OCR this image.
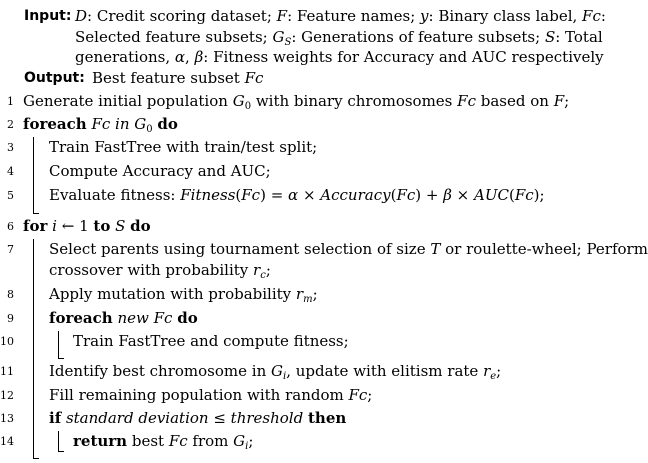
Input: D: Credit scoring dataset; F: Feature names; y: Binary class label, Fc:
Selected feature subsets; $G_S$: Generations of feature subsets; S: Total
generations, α, β: Fitness weights for Accuracy and AUC respectively
Output: Best feature subset Fc
1 Generate initial population $G_0$ with binary chromosomes Fc based on F;
2 foreach Fc in $G_0$ do
3 Train FastTree with train/test split;
4 Compute Accuracy and AUC;
5 Evaluate fitness: Fitness(Fc) = α × Accuracy(Fc) + β × AUC(Fc);
6 for i ← 1 to S do
7 Select parents using tournament selection of size T or roulette-wheel; Perform
crossover with probability $r_c$;
8 Apply mutation with probability $r_m$;
9 foreach new Fc do
10	Train FastTree and compute fitness;
11 Identify best chromosome in $G_i$, update with elitism rate $r_e$;
12 Fill remaining population with random Fc;
13 if standard deviation ≤ threshold then
14	return best Fc from $G_i$;
